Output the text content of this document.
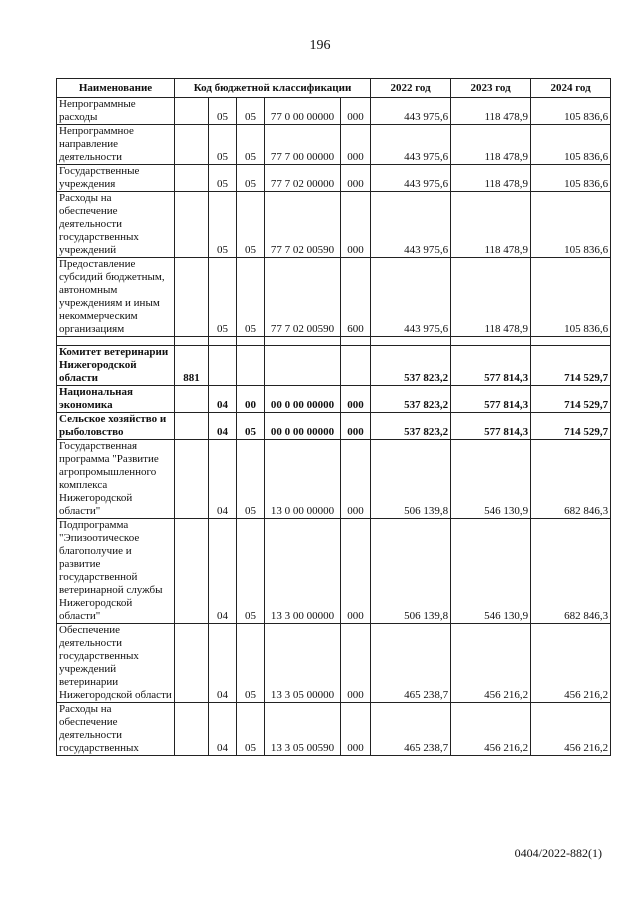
196
Наименование	Код бюджетной классификации					2022 год	2023 год	2024 год
Непрограммные расходы		05	05	77 0 00 00000	000	443 975,6	118 478,9	105 836,6
Непрограммное направление деятельности		05	05	77 7 00 00000	000	443 975,6	118 478,9	105 836,6
Государственные учреждения		05	05	77 7 02 00000	000	443 975,6	118 478,9	105 836,6
Расходы на обеспечение деятельности государственных учреждений		05	05	77 7 02 00590	000	443 975,6	118 478,9	105 836,6
Предоставление субсидий бюджетным, автономным учреждениям и иным некоммерческим организациям		05	05	77 7 02 00590	600	443 975,6	118 478,9	105 836,6

Комитет ветеринарии Нижегородской области	881					537 823,2	577 814,3	714 529,7
Национальная экономика		04	00	00 0 00 00000	000	537 823,2	577 814,3	714 529,7
Сельское хозяйство и рыболовство		04	05	00 0 00 00000	000	537 823,2	577 814,3	714 529,7
Государственная программа "Развитие агропромышленного комплекса Нижегородской области"		04	05	13 0 00 00000	000	506 139,8	546 130,9	682 846,3
Подпрограмма "Эпизоотическое благополучие и развитие государственной ветеринарной службы Нижегородской области"		04	05	13 3 00 00000	000	506 139,8	546 130,9	682 846,3
Обеспечение деятельности государственных учреждений ветеринарии Нижегородской области		04	05	13 3 05 00000	000	465 238,7	456 216,2	456 216,2
Расходы на обеспечение деятельности государственных		04	05	13 3 05 00590	000	465 238,7	456 216,2	456 216,2
0404/2022-882(1)
